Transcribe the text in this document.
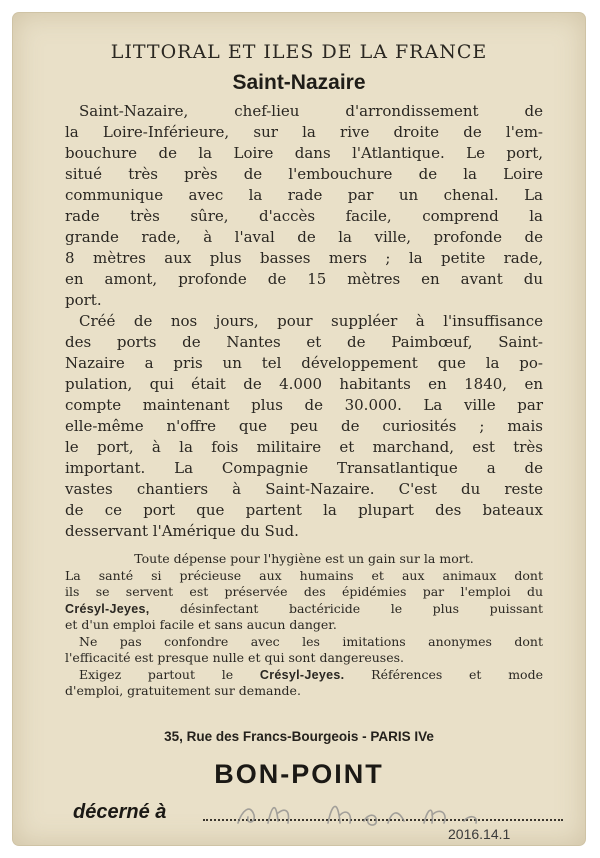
LITTORAL ET ILES DE LA FRANCE
Saint-Nazaire
Saint-Nazaire, chef-lieu d'arrondissement de
la Loire-Inférieure, sur la rive droite de l'em-
bouchure de la Loire dans l'Atlantique. Le port,
situé très près de l'embouchure de la Loire
communique avec la rade par un chenal. La
rade très sûre, d'accès facile, comprend la
grande rade, à l'aval de la ville, profonde de
8 mètres aux plus basses mers ; la petite rade,
en amont, profonde de 15 mètres en avant du
port.
Créé de nos jours, pour suppléer à l'insuffisance
des ports de Nantes et de Paimbœuf, Saint-
Nazaire a pris un tel développement que la po-
pulation, qui était de 4.000 habitants en 1840, en
compte maintenant plus de 30.000. La ville par
elle-même n'offre que peu de curiosités ; mais
le port, à la fois militaire et marchand, est très
important. La Compagnie Transatlantique a de
vastes chantiers à Saint-Nazaire. C'est du reste
de ce port que partent la plupart des bateaux
desservant l'Amérique du Sud.
Toute dépense pour l'hygiène est un gain sur la mort.
La santé si précieuse aux humains et aux animaux dont
ils se servent est préservée des épidémies par l'emploi du
Crésyl-Jeyes, désinfectant bactéricide le plus puissant
et d'un emploi facile et sans aucun danger.
Ne pas confondre avec les imitations anonymes dont
l'efficacité est presque nulle et qui sont dangereuses.
Exigez partout le Crésyl-Jeyes. Références et mode
d'emploi, gratuitement sur demande.
35, Rue des Francs-Bourgeois - PARIS IVe
BON-POINT
décerné à
2016.14.1
